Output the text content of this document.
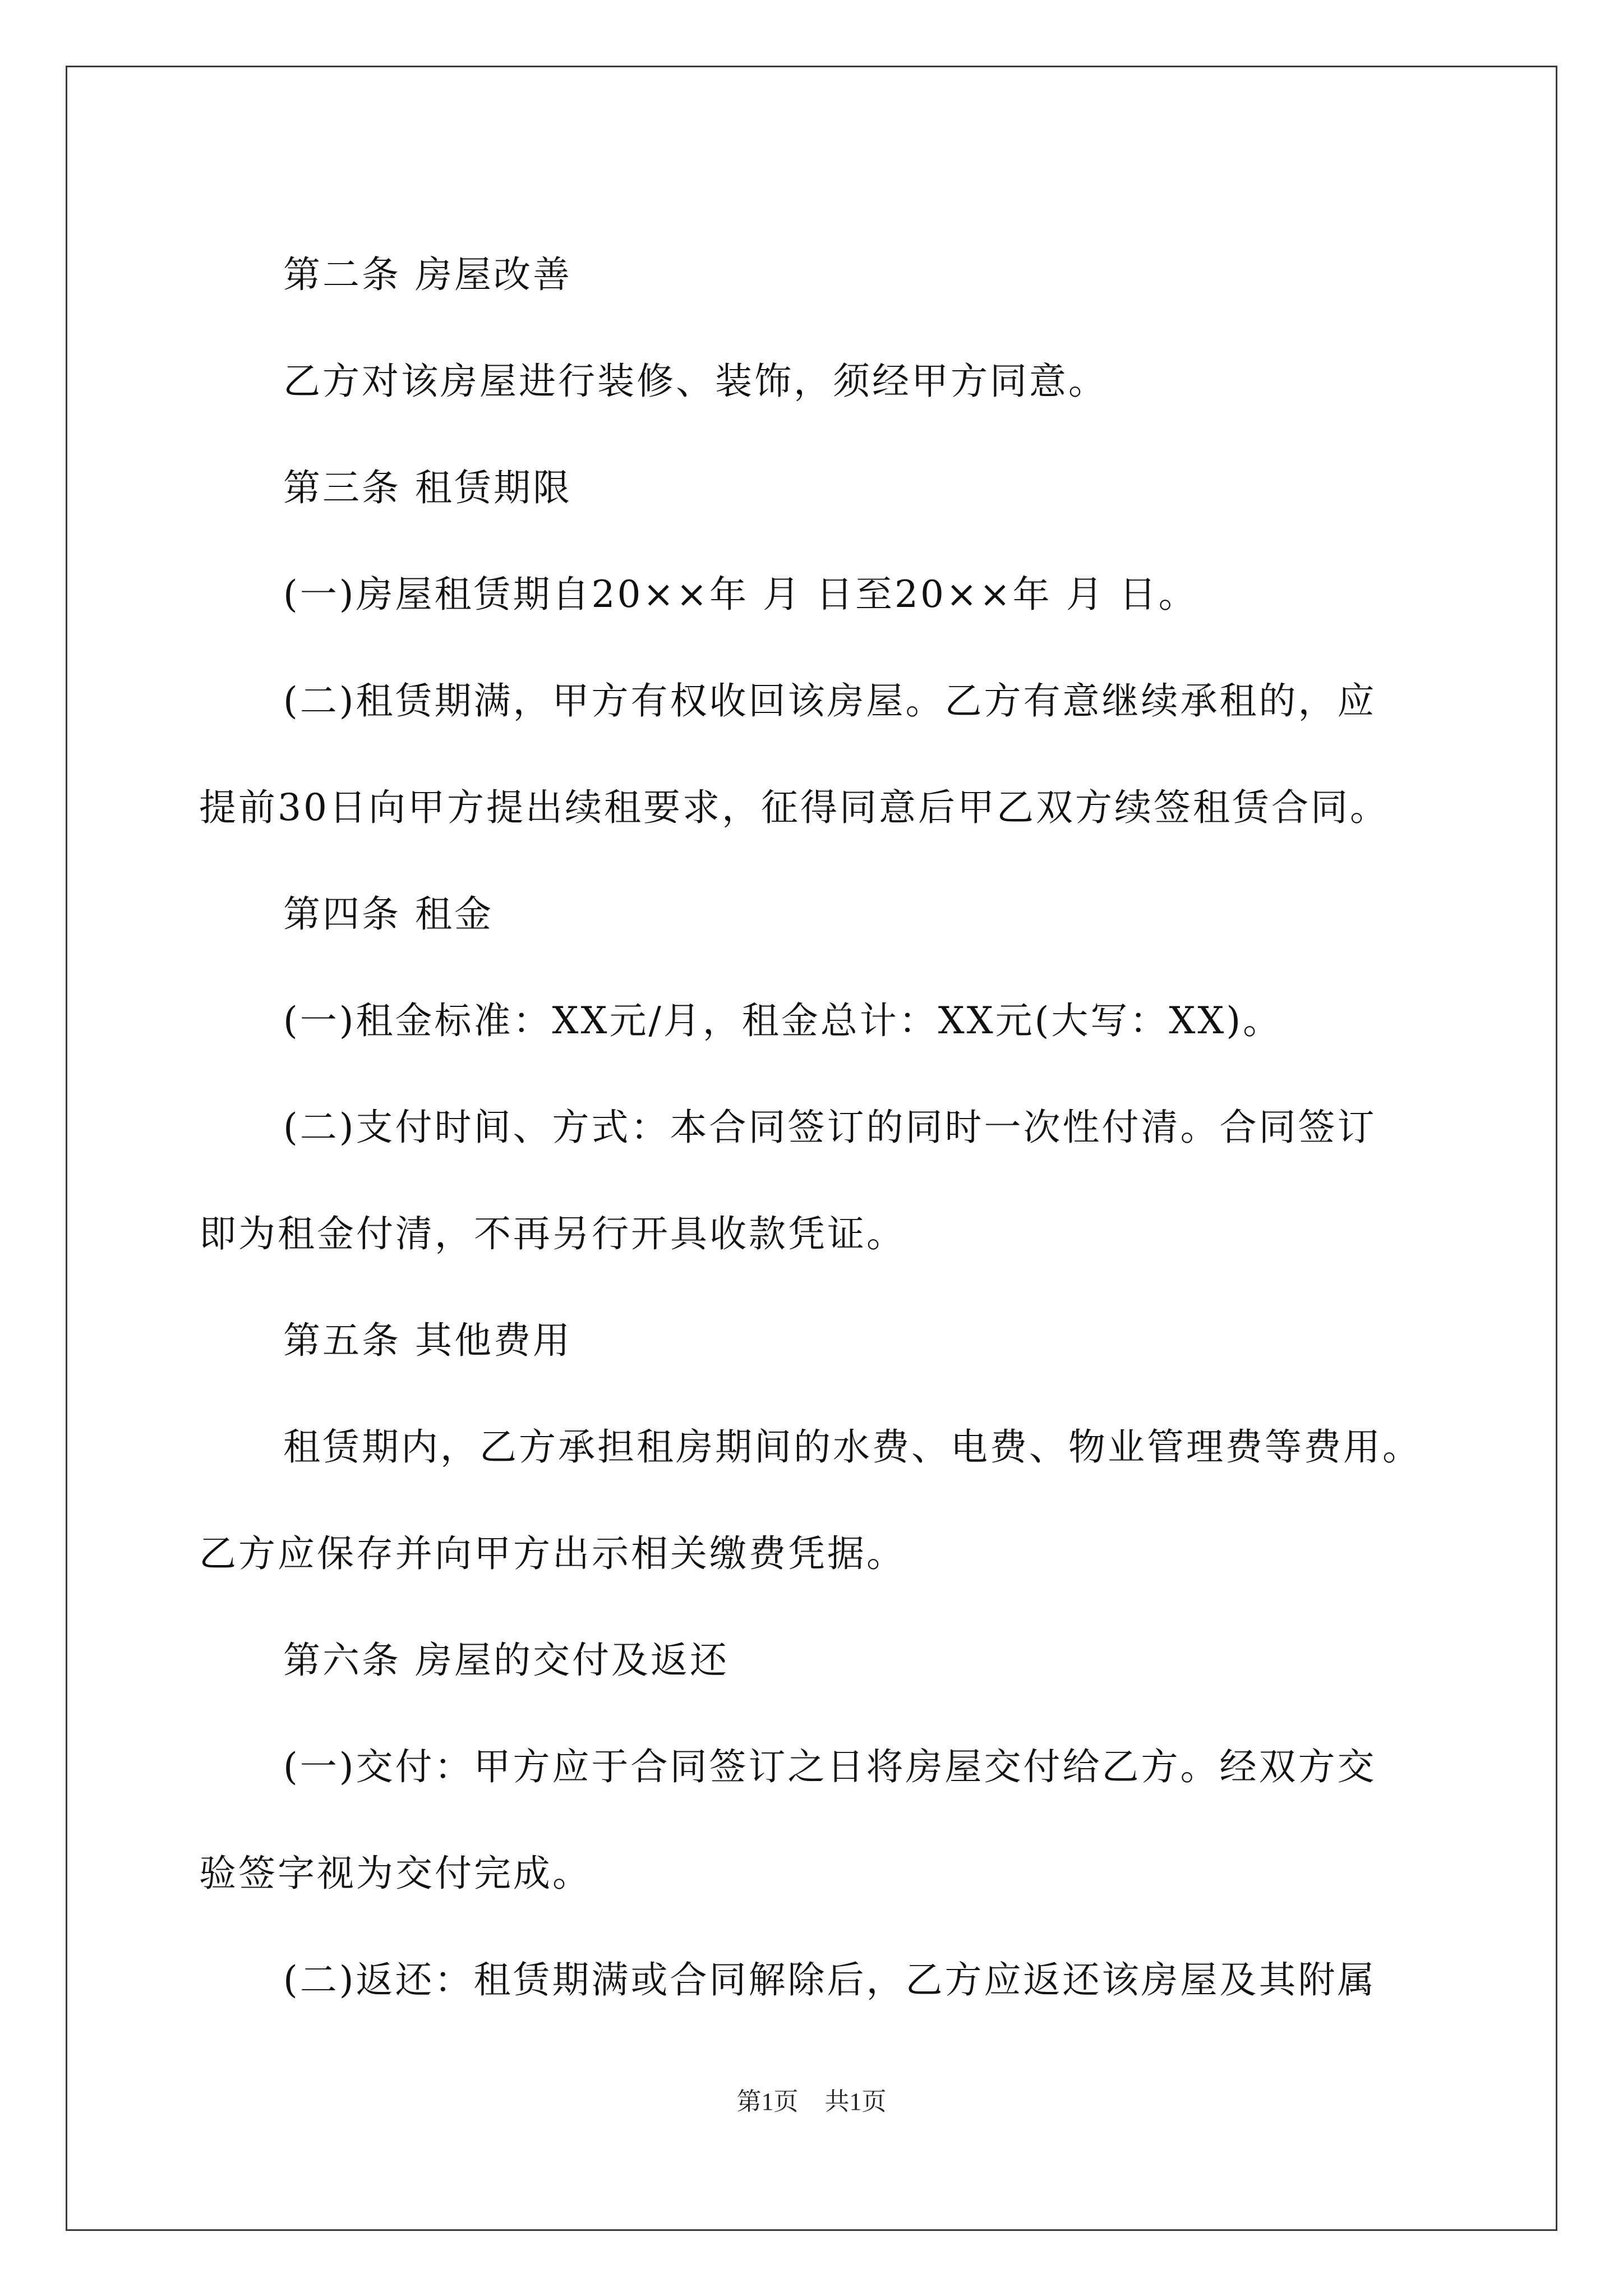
第二条 房屋改善

乙方对该房屋进行装修、装饰，须经甲方同意。

第三条 租赁期限

(一)房屋租赁期自20××年 月 日至20××年 月 日。

(二)租赁期满，甲方有权收回该房屋。乙方有意继续承租的，应

提前30日向甲方提出续租要求，征得同意后甲乙双方续签租赁合同。

第四条 租金

(一)租金标准：XX元/月，租金总计：XX元(大写：XX)。

(二)支付时间、方式：本合同签订的同时一次性付清。合同签订

即为租金付清，不再另行开具收款凭证。

第五条 其他费用

租赁期内，乙方承担租房期间的水费、电费、物业管理费等费用。

乙方应保存并向甲方出示相关缴费凭据。

第六条 房屋的交付及返还

(一)交付：甲方应于合同签订之日将房屋交付给乙方。经双方交

验签字视为交付完成。

(二)返还：租赁期满或合同解除后，乙方应返还该房屋及其附属

第1页 共1页
